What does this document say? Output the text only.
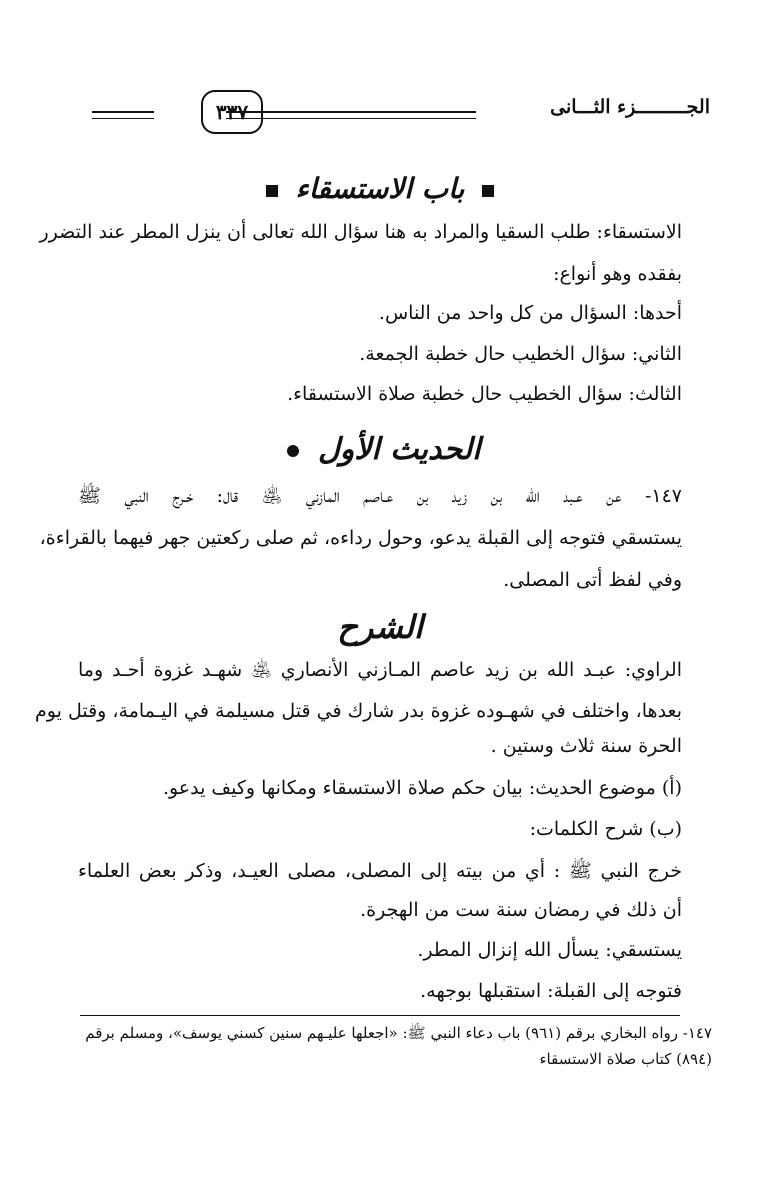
الجـــــــــزء الثـــانى
٣٣٧
باب الاستسقاء
الاستسقاء: طلب السقيا والمراد به هنا سؤال الله تعالى أن ينزل المطر عند التضرر
بفقده وهو أنواع:
أحدها: السؤال من كل واحد من الناس.
الثاني: سؤال الخطيب حال خطبة الجمعة.
الثالث: سؤال الخطيب حال خطبة صلاة الاستسقاء.
الحديث الأول
١٤٧- عن عـبد الله بن زيد بن عـاصم المازني ﵁ قال: خـرج النبي ﷺ
يستسقي فتوجه إلى القبلة يدعو، وحول رداءه، ثم صلى ركعتين جهر فيهما بالقراءة،
وفي لفظ أتى المصلى.
الشرح
الراوي: عبـد الله بن زيد عاصم المـازني الأنصاري ﵁ شهـد غزوة أحـد وما
بعدها، واختلف في شهـوده غزوة بدر شارك في قتل مسيلمة في اليـمامة، وقتل يوم
الحرة سنة ثلاث وستين .
(أ) موضوع الحديث: بيان حكم صلاة الاستسقاء ومكانها وكيف يدعو.
(ب) شرح الكلمات:
خرج النبي ﷺ : أي من بيته إلى المصلى، مصلى العيـد، وذكر بعض العلماء
أن ذلك في رمضان سنة ست من الهجرة.
يستسقي: يسأل الله إنزال المطر.
فتوجه إلى القبلة: استقبلها بوجهه.
١٤٧- رواه البخاري برقم (٩٦١) باب دعاء النبي ﷺ: «اجعلها عليـهم سنين كسني يوسف»، ومسلم برقم
(٨٩٤) كتاب صلاة الاستسقاء
